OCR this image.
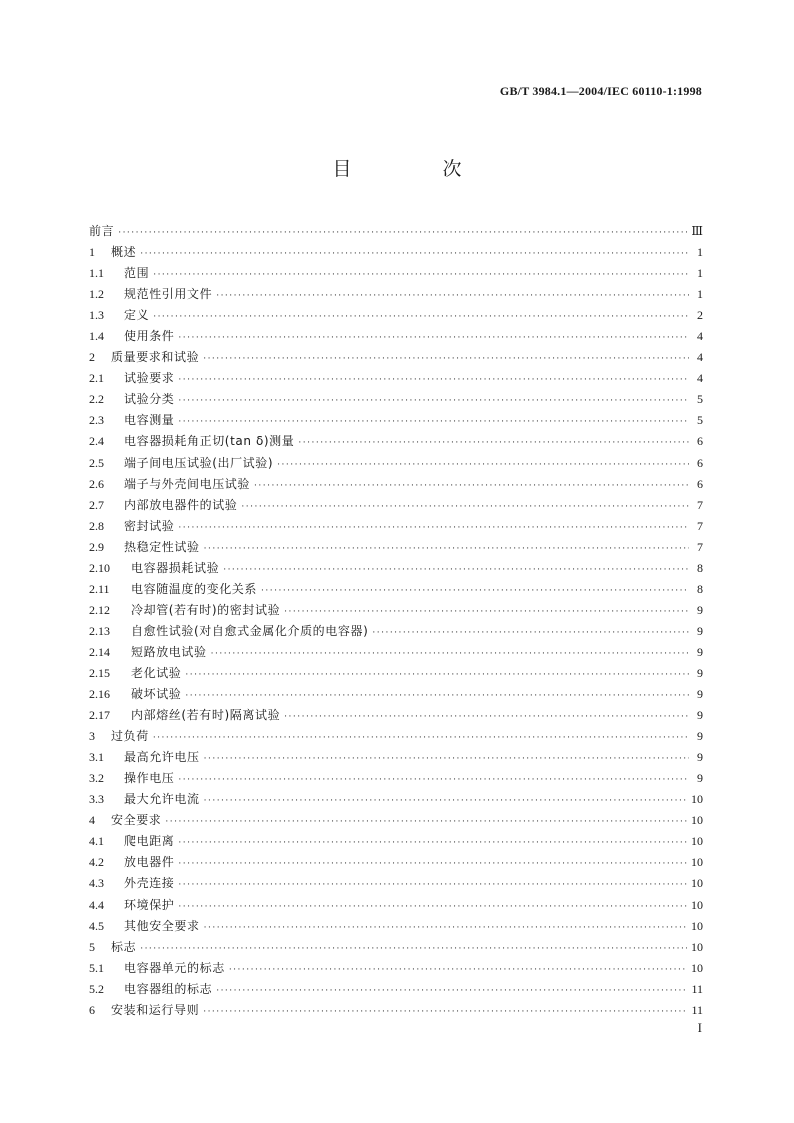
GB/T 3984.1—2004/IEC 60110-1:1998
目　次
前言 ·····	Ⅲ
1	概述 ·····	1
1.1	范围 ·····	1
1.2	规范性引用文件 ·····	1
1.3	定义 ·····	2
1.4	使用条件 ·····	4
2	质量要求和试验 ·····	4
2.1	试验要求 ·····	4
2.2	试验分类 ·····	5
2.3	电容测量 ·····	5
2.4	电容器损耗角正切(tan δ)测量 ·····	6
2.5	端子间电压试验(出厂试验) ·····	6
2.6	端子与外壳间电压试验 ·····	6
2.7	内部放电器件的试验 ·····	7
2.8	密封试验 ·····	7
2.9	热稳定性试验 ·····	7
2.10	电容器损耗试验 ·····	8
2.11	电容随温度的变化关系 ·····	8
2.12	冷却管(若有时)的密封试验 ·····	9
2.13	自愈性试验(对自愈式金属化介质的电容器) ·····	9
2.14	短路放电试验 ·····	9
2.15	老化试验 ·····	9
2.16	破坏试验 ·····	9
2.17	内部熔丝(若有时)隔离试验 ·····	9
3	过负荷 ·····	9
3.1	最高允许电压 ·····	9
3.2	操作电压 ·····	9
3.3	最大允许电流 ·····	10
4	安全要求 ·····	10
4.1	爬电距离 ·····	10
4.2	放电器件 ·····	10
4.3	外壳连接 ·····	10
4.4	环境保护 ·····	10
4.5	其他安全要求 ·····	10
5	标志 ·····	10
5.1	电容器单元的标志 ·····	10
5.2	电容器组的标志 ·····	11
6	安装和运行导则 ·····	11
I
